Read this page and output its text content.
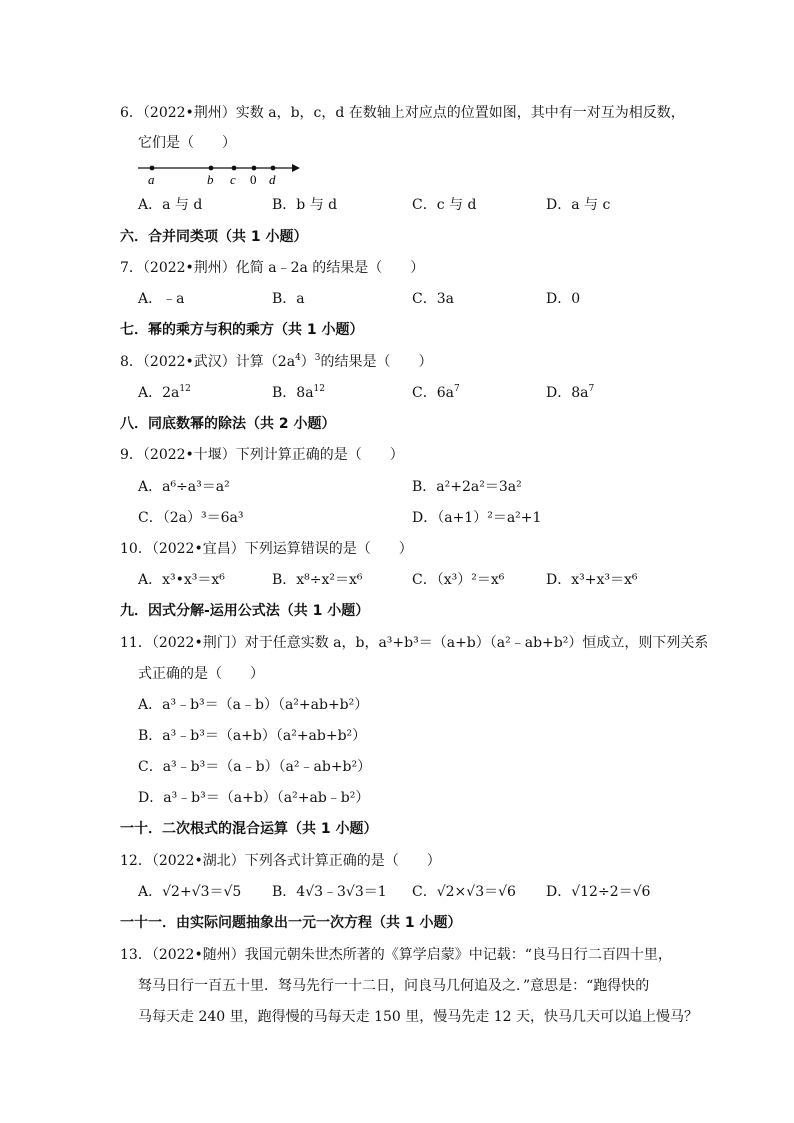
6．（2022•荆州）实数 a，b，c，d 在数轴上对应点的位置如图，其中有一对互为相反数，
它们是（　　）
a	b c 0 d
A．a 与 d	B．b 与 d	C．c 与 d	D．a 与 c
六．合并同类项（共 1 小题）
7．（2022•荆州）化简 a﹣2a 的结果是（　　）
A．﹣a	B．a	C．3a	D．0
七．幂的乘方与积的乘方（共 1 小题）
8．（2022•武汉）计算$(2a^4)^3$的结果是（　　）
A．$2a^{12}$	B．$8a^{12}$	C．$6a^7$	D．$8a^7$
八．同底数幂的除法（共 2 小题）
9．（2022•十堰）下列计算正确的是（　　）
A．a⁶÷a³＝a²	B．a²+2a²＝3a²
C．（2a）³＝6a³	D．（a+1）²＝a²+1
10．（2022•宜昌）下列运算错误的是（　　）
A．x³•x³＝x⁶	B．x⁸÷x²＝x⁶	C．（x³）²＝x⁶	D．x³+x³＝x⁶
九．因式分解-运用公式法（共 1 小题）
11．（2022•荆门）对于任意实数 a，b，a³+b³＝（a+b）（a²﹣ab+b²）恒成立，则下列关系
式正确的是（　　）
A．a³﹣b³＝（a﹣b）（a²+ab+b²）
B．a³﹣b³＝（a+b）（a²+ab+b²）
C．a³﹣b³＝（a﹣b）（a²﹣ab+b²）
D．a³﹣b³＝（a+b）（a²+ab﹣b²）
一十．二次根式的混合运算（共 1 小题）
12．（2022•湖北）下列各式计算正确的是（　　）
A．√2+√3＝√5 B．4√3﹣3√3＝1 C．√2×√3＝√6 D．√12÷2＝√6
一十一．由实际问题抽象出一元一次方程（共 1 小题）
13．（2022•随州）我国元朝朱世杰所著的《算学启蒙》中记载：“良马日行二百四十里，
驽马日行一百五十里．驽马先行一十二日，问良马几何追及之．”意思是：“跑得快的
马每天走 240 里，跑得慢的马每天走 150 里，慢马先走 12 天，快马几天可以追上慢马？
